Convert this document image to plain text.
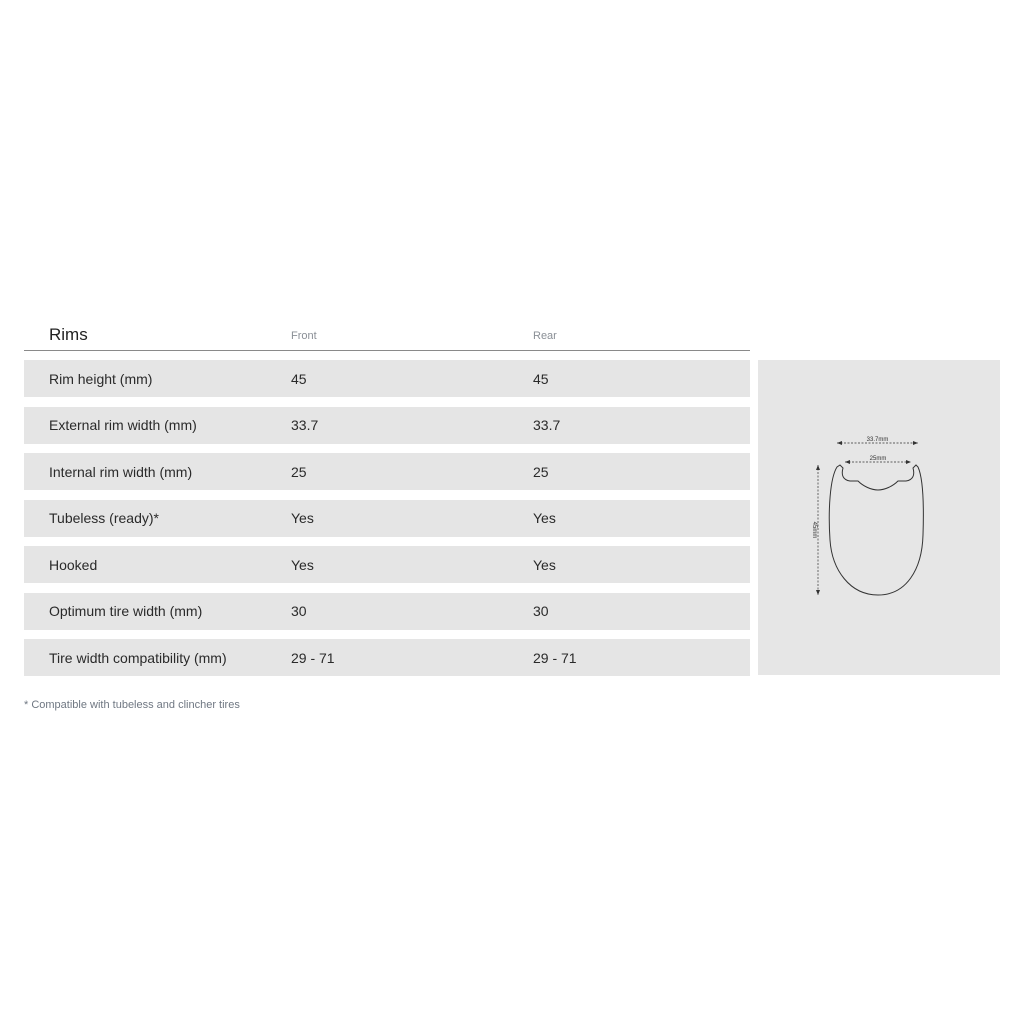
Rims	Front	Rear
Rim height (mm)	45	45
External rim width (mm)	33.7	33.7
Internal rim width (mm)	25	25
Tubeless (ready)*	Yes	Yes
Hooked	Yes	Yes
Optimum tire width (mm)	30	30
Tire width compatibility (mm)	29 - 71	29 - 71
* Compatible with tubeless and clincher tires
33.7mm
25mm
45mm
